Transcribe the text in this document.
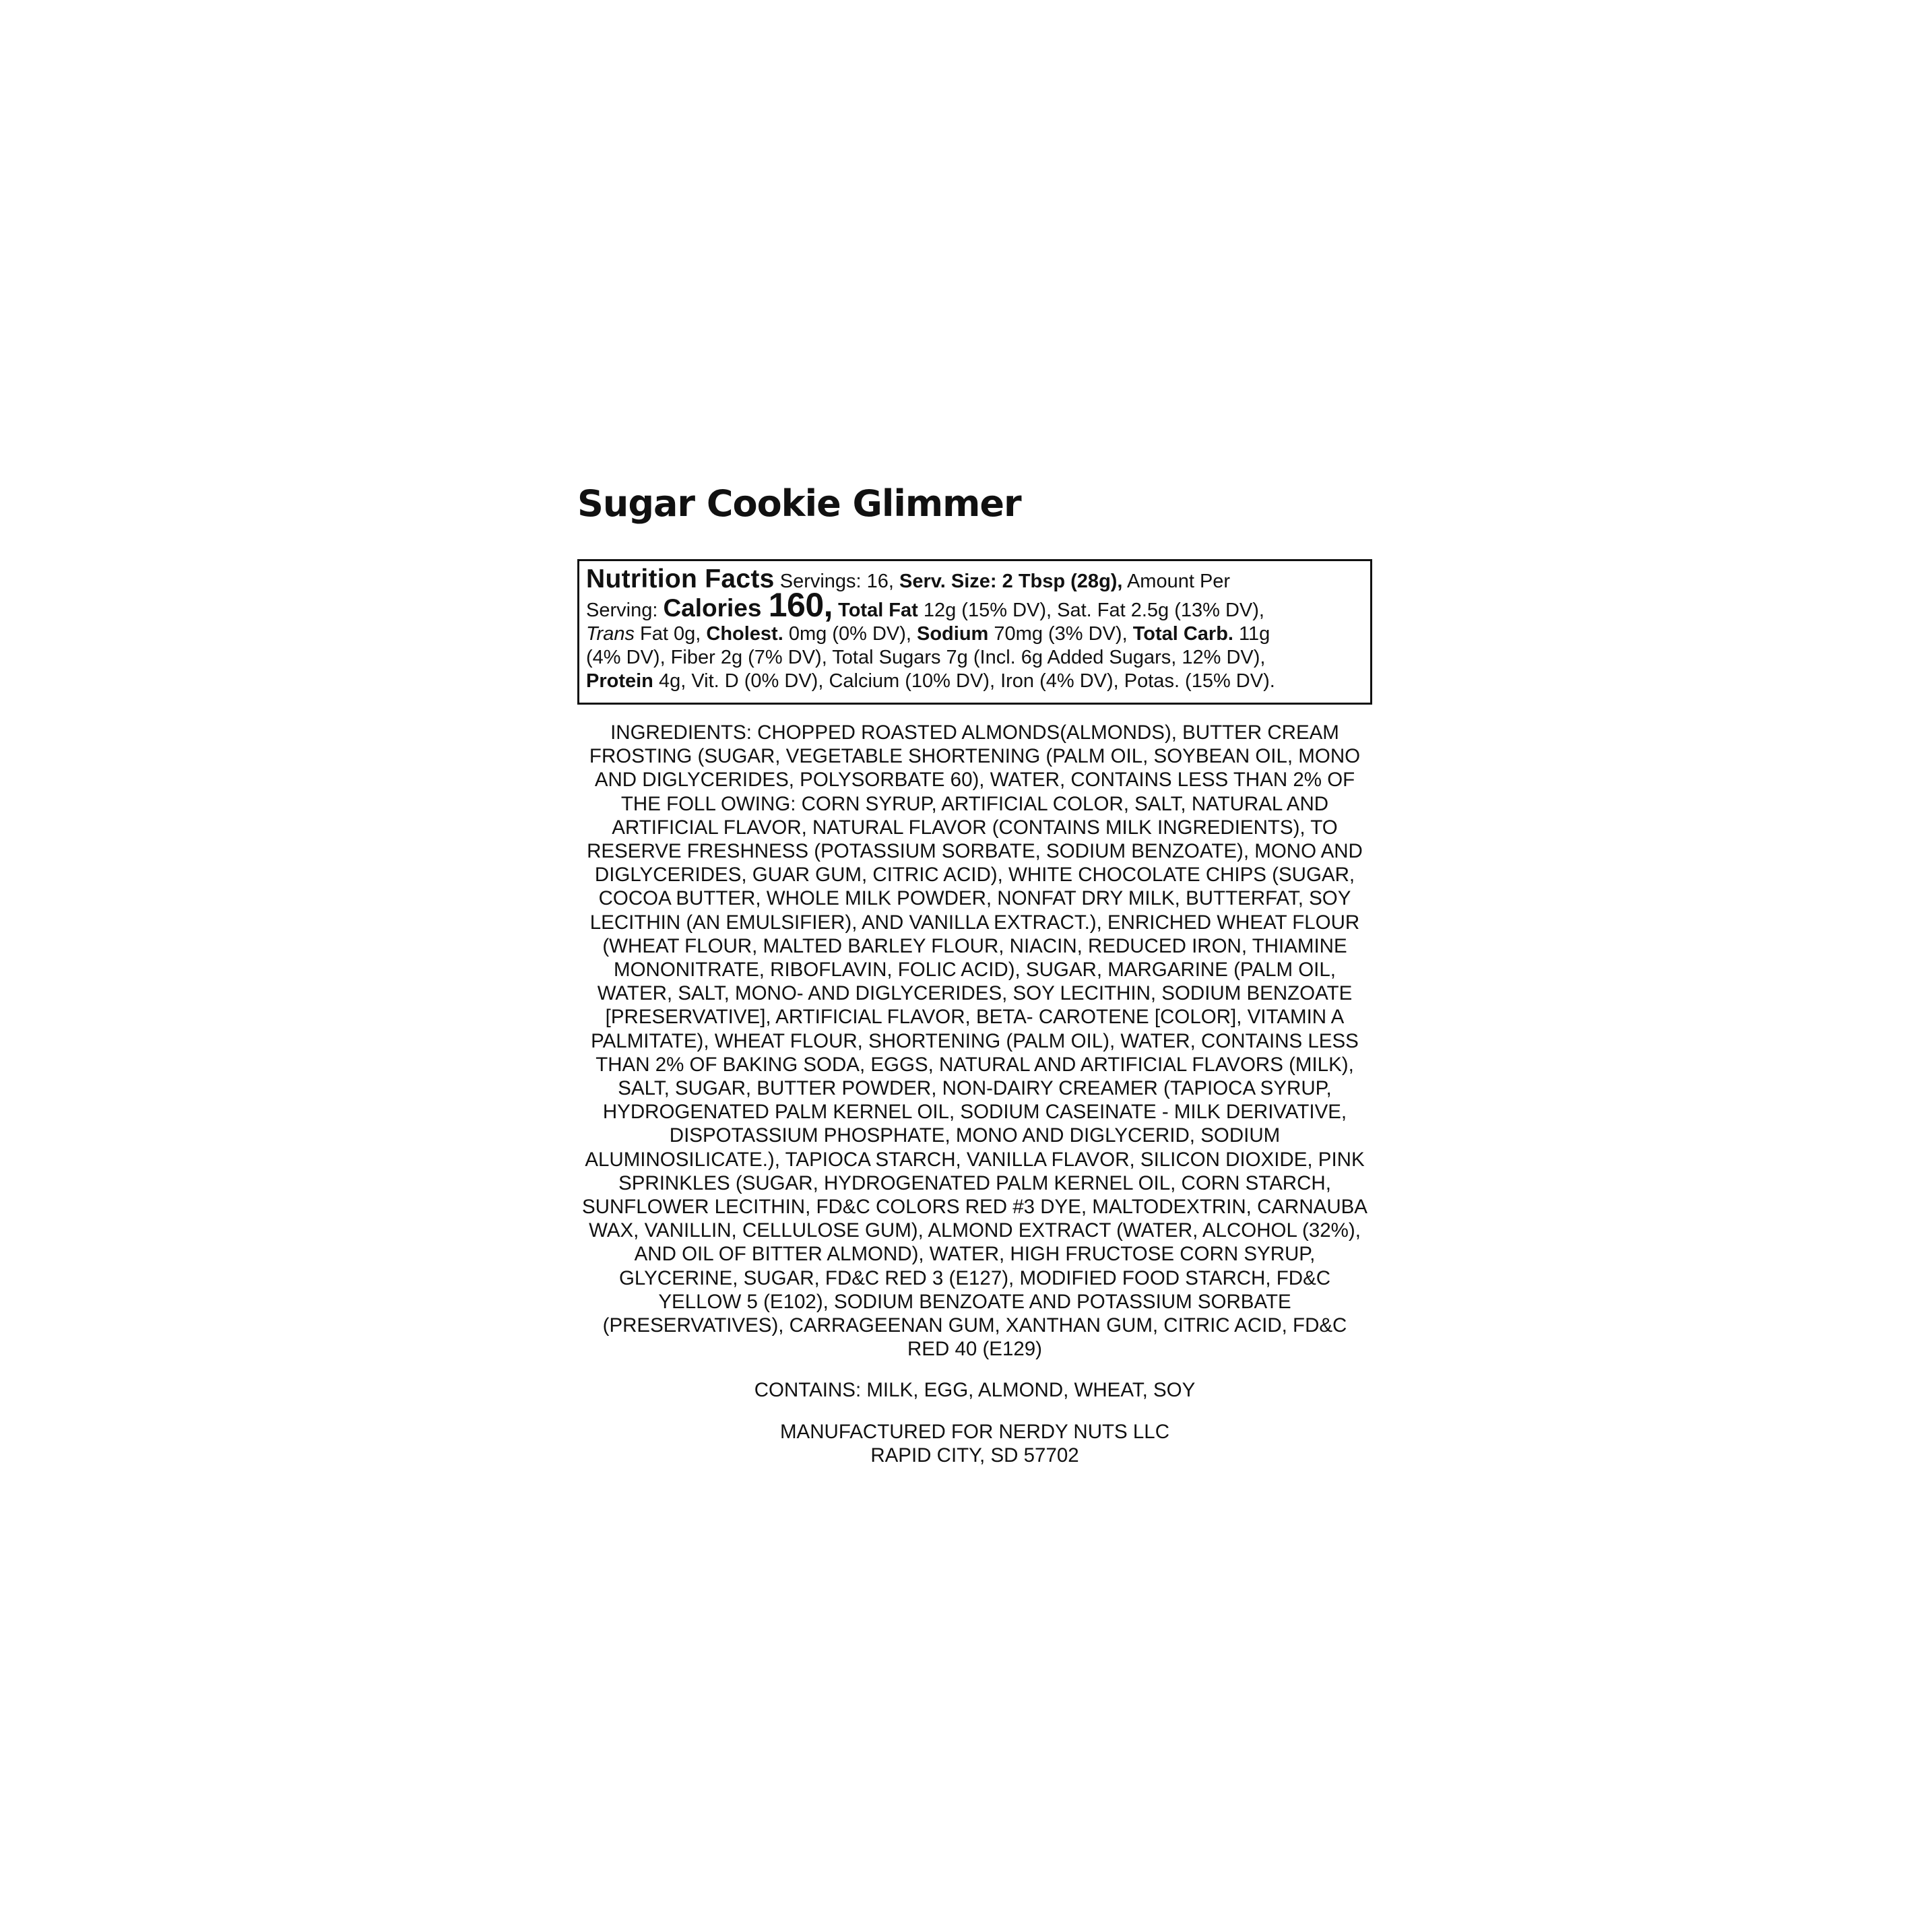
Sugar Cookie Glimmer
Nutrition Facts Servings: 16, Serv. Size: 2 Tbsp (28g), Amount Per
Serving: Calories 160, Total Fat 12g (15% DV), Sat. Fat 2.5g (13% DV),
Trans Fat 0g, Cholest. 0mg (0% DV), Sodium 70mg (3% DV), Total Carb. 11g
(4% DV), Fiber 2g (7% DV), Total Sugars 7g (Incl. 6g Added Sugars, 12% DV),
Protein 4g, Vit. D (0% DV), Calcium (10% DV), Iron (4% DV), Potas. (15% DV).
INGREDIENTS: CHOPPED ROASTED ALMONDS(ALMONDS), BUTTER CREAM
FROSTING (SUGAR, VEGETABLE SHORTENING (PALM OIL, SOYBEAN OIL, MONO
AND DIGLYCERIDES, POLYSORBATE 60), WATER, CONTAINS LESS THAN 2% OF
THE FOLL OWING: CORN SYRUP, ARTIFICIAL COLOR, SALT, NATURAL AND
ARTIFICIAL FLAVOR, NATURAL FLAVOR (CONTAINS MILK INGREDIENTS), TO
RESERVE FRESHNESS (POTASSIUM SORBATE, SODIUM BENZOATE), MONO AND
DIGLYCERIDES, GUAR GUM, CITRIC ACID), WHITE CHOCOLATE CHIPS (SUGAR,
COCOA BUTTER, WHOLE MILK POWDER, NONFAT DRY MILK, BUTTERFAT, SOY
LECITHIN (AN EMULSIFIER), AND VANILLA EXTRACT.), ENRICHED WHEAT FLOUR
(WHEAT FLOUR, MALTED BARLEY FLOUR, NIACIN, REDUCED IRON, THIAMINE
MONONITRATE, RIBOFLAVIN, FOLIC ACID), SUGAR, MARGARINE (PALM OIL,
WATER, SALT, MONO- AND DIGLYCERIDES, SOY LECITHIN, SODIUM BENZOATE
[PRESERVATIVE], ARTIFICIAL FLAVOR, BETA- CAROTENE [COLOR], VITAMIN A
PALMITATE), WHEAT FLOUR, SHORTENING (PALM OIL), WATER, CONTAINS LESS
THAN 2% OF BAKING SODA, EGGS, NATURAL AND ARTIFICIAL FLAVORS (MILK),
SALT, SUGAR, BUTTER POWDER, NON-DAIRY CREAMER (TAPIOCA SYRUP,
HYDROGENATED PALM KERNEL OIL, SODIUM CASEINATE - MILK DERIVATIVE,
DISPOTASSIUM PHOSPHATE, MONO AND DIGLYCERID, SODIUM
ALUMINOSILICATE.), TAPIOCA STARCH, VANILLA FLAVOR, SILICON DIOXIDE, PINK
SPRINKLES (SUGAR, HYDROGENATED PALM KERNEL OIL, CORN STARCH,
SUNFLOWER LECITHIN, FD&C COLORS RED #3 DYE, MALTODEXTRIN, CARNAUBA
WAX, VANILLIN, CELLULOSE GUM), ALMOND EXTRACT (WATER, ALCOHOL (32%),
AND OIL OF BITTER ALMOND), WATER, HIGH FRUCTOSE CORN SYRUP,
GLYCERINE, SUGAR, FD&C RED 3 (E127), MODIFIED FOOD STARCH, FD&C
YELLOW 5 (E102), SODIUM BENZOATE AND POTASSIUM SORBATE
(PRESERVATIVES), CARRAGEENAN GUM, XANTHAN GUM, CITRIC ACID, FD&C
RED 40 (E129)
CONTAINS: MILK, EGG, ALMOND, WHEAT, SOY
MANUFACTURED FOR NERDY NUTS LLC
RAPID CITY, SD 57702
